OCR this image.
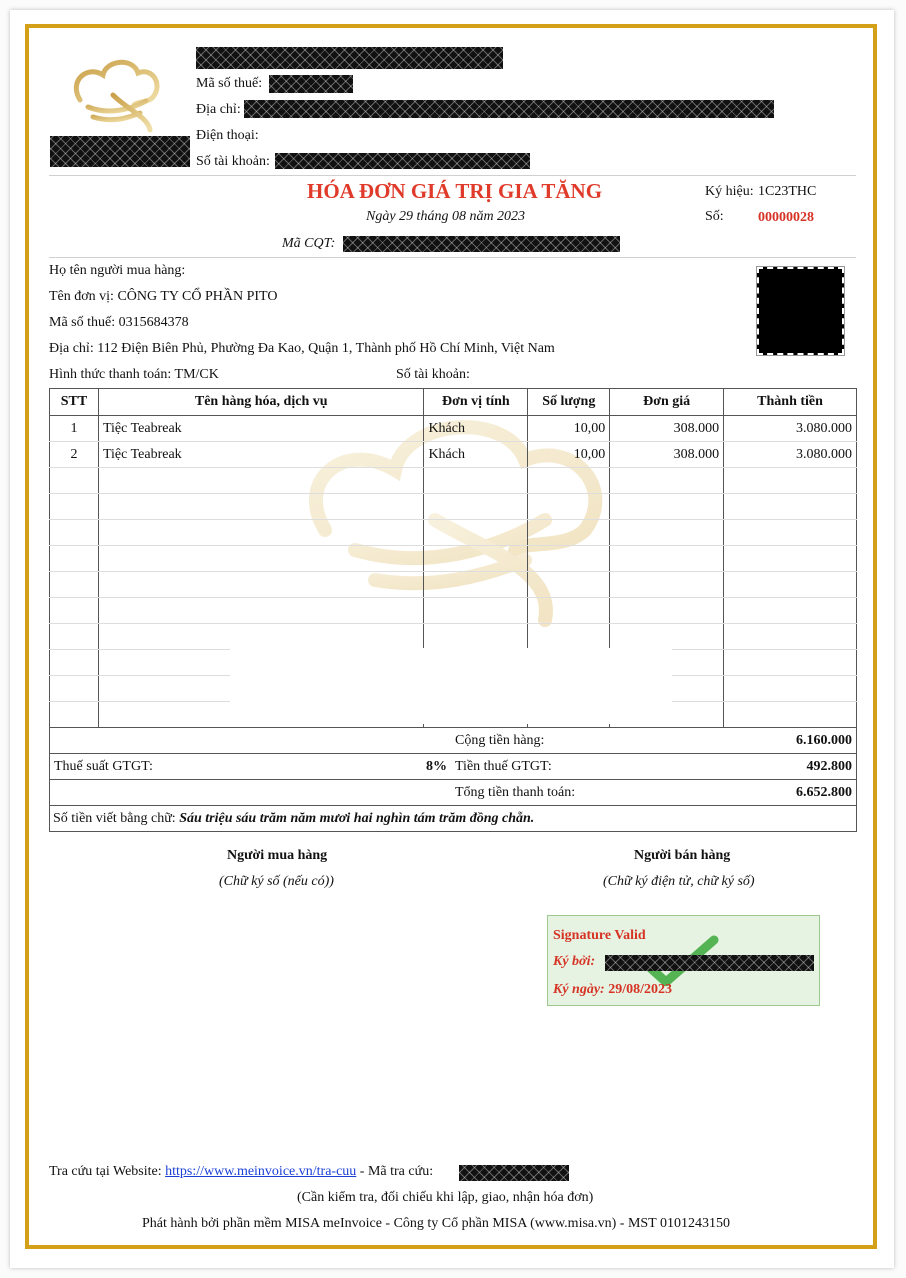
Mã số thuế:
Địa chỉ:
Điện thoại:
Số tài khoản:
HÓA ĐƠN GIÁ TRỊ GIA TĂNG
Ngày 29 tháng 08 năm 2023
Ký hiệu: 1C23THC
Số: 00000028
Mã CQT:
Họ tên người mua hàng:
Tên đơn vị: CÔNG TY CỔ PHẦN PITO
Mã số thuế: 0315684378
Địa chỉ: 112 Điện Biên Phủ, Phường Đa Kao, Quận 1, Thành phố Hồ Chí Minh, Việt Nam
Hình thức thanh toán: TM/CK	Số tài khoản:
STT	Tên hàng hóa, dịch vụ	Đơn vị tính	Số lượng	Đơn giá	Thành tiền
1	Tiệc Teabreak	Khách	10,00	308.000	3.080.000
2	Tiệc Teabreak	Khách	10,00	308.000	3.080.000

Cộng tiền hàng:	6.160.000
Thuế suất GTGT:	8% Tiền thuế GTGT:	492.800
Tổng tiền thanh toán:	6.652.800
Số tiền viết bằng chữ: Sáu triệu sáu trăm năm mươi hai nghìn tám trăm đồng chẵn.
Người mua hàng
(Chữ ký số (nếu có))
Người bán hàng
(Chữ ký điện tử, chữ ký số)
Signature Valid
Ký bởi:
Ký ngày: 29/08/2023
Tra cứu tại Website: https://www.meinvoice.vn/tra-cuu - Mã tra cứu:
(Cần kiểm tra, đối chiếu khi lập, giao, nhận hóa đơn)
Phát hành bởi phần mềm MISA meInvoice - Công ty Cổ phần MISA (www.misa.vn) - MST 0101243150
